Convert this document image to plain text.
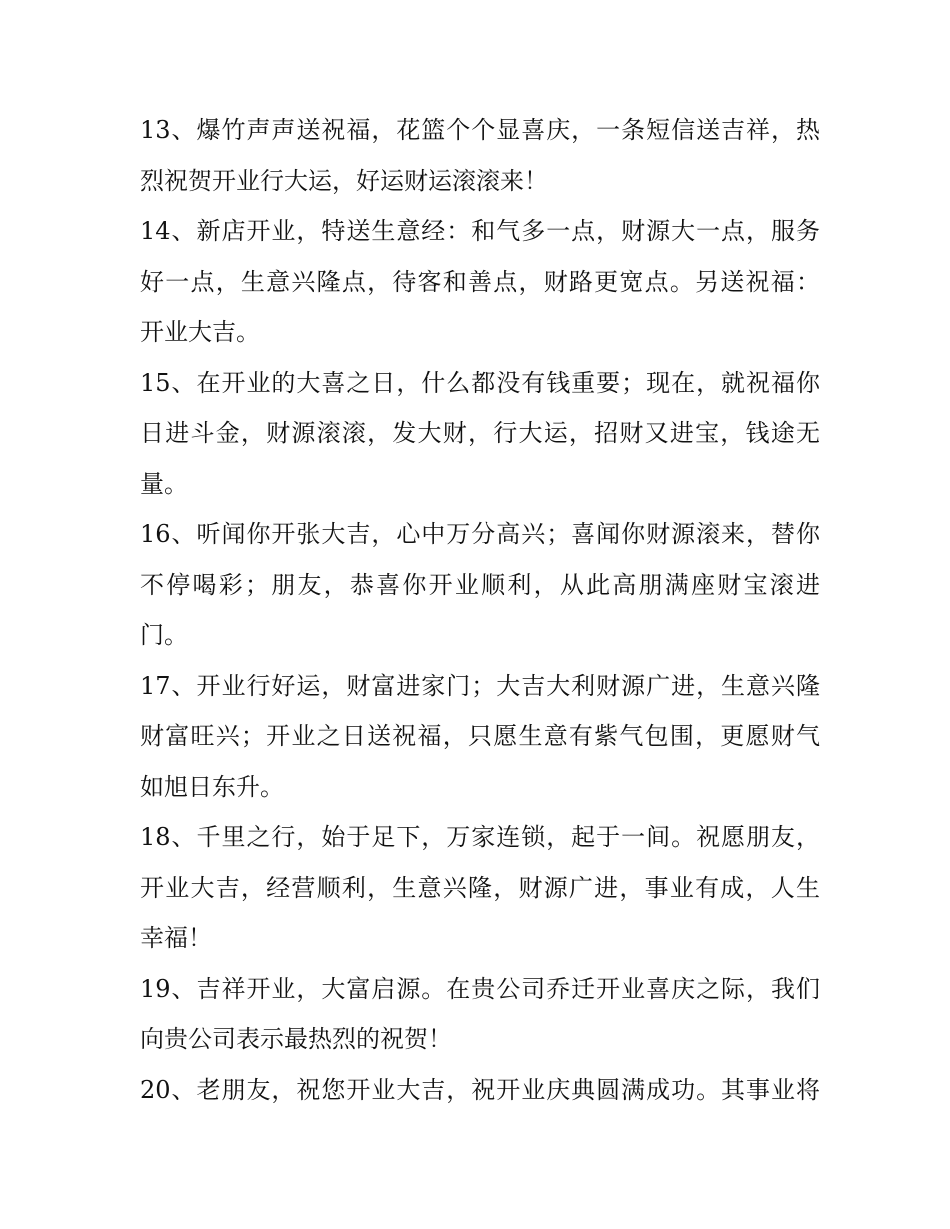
13、爆竹声声送祝福，花篮个个显喜庆，一条短信送吉祥，热
烈祝贺开业行大运，好运财运滚滚来！
14、新店开业，特送生意经：和气多一点，财源大一点，服务
好一点，生意兴隆点，待客和善点，财路更宽点。另送祝福：
开业大吉。
15、在开业的大喜之日，什么都没有钱重要；现在，就祝福你
日进斗金，财源滚滚，发大财，行大运，招财又进宝，钱途无
量。
16、听闻你开张大吉，心中万分高兴；喜闻你财源滚来，替你
不停喝彩；朋友，恭喜你开业顺利，从此高朋满座财宝滚进
门。
17、开业行好运，财富进家门；大吉大利财源广进，生意兴隆
财富旺兴；开业之日送祝福，只愿生意有紫气包围，更愿财气
如旭日东升。
18、千里之行，始于足下，万家连锁，起于一间。祝愿朋友，
开业大吉，经营顺利，生意兴隆，财源广进，事业有成，人生
幸福！
19、吉祥开业，大富启源。在贵公司乔迁开业喜庆之际，我们
向贵公司表示最热烈的祝贺！
20、老朋友，祝您开业大吉，祝开业庆典圆满成功。其事业将
